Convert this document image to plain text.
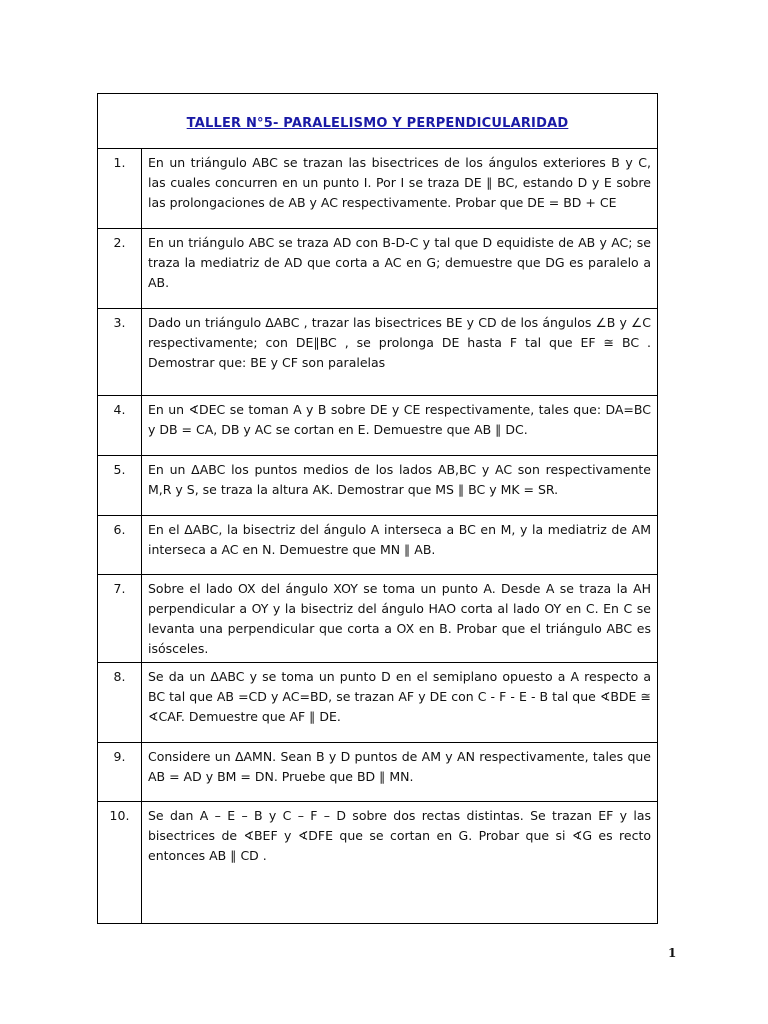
TALLER N°5- PARALELISMO Y PERPENDICULARIDAD
1.	En un triángulo ABC se trazan las bisectrices de los ángulos exteriores B y C, las cuales concurren en un punto I. Por I se traza DE ∥ BC, estando D y E sobre las prolongaciones de AB y AC respectivamente. Probar que DE = BD + CE
2.	En un triángulo ABC se traza AD con B-D-C y tal que D equidiste de AB y AC; se traza la mediatriz de AD que corta a AC en G; demuestre que DG es paralelo a AB.
3.	Dado un triángulo ΔABC , trazar las bisectrices BE y CD de los ángulos ∠B y ∠C respectivamente; con DE∥BC , se prolonga DE hasta F tal que EF ≅ BC . Demostrar que: BE y CF son paralelas
4.	En un ∢DEC se toman A y B sobre DE y CE respectivamente, tales que: DA=BC y DB = CA, DB y AC se cortan en E. Demuestre que AB ∥ DC.
5.	En un ΔABC los puntos medios de los lados AB,BC y AC son respectivamente M,R y S, se traza la altura AK. Demostrar que MS ∥ BC y MK = SR.
6.	En el ΔABC, la bisectriz del ángulo A interseca a BC en M, y la mediatriz de AM interseca a AC en N. Demuestre que MN ∥ AB.
7.	Sobre el lado OX del ángulo XOY se toma un punto A. Desde A se traza la AH perpendicular a OY y la bisectriz del ángulo HAO corta al lado OY en C. En C se levanta una perpendicular que corta a OX en B. Probar que el triángulo ABC es isósceles.
8.	Se da un ΔABC y se toma un punto D en el semiplano opuesto a A respecto a BC tal que AB =CD y AC=BD, se trazan AF y DE con C - F - E - B tal que ∢BDE ≅ ∢CAF. Demuestre que AF ∥ DE.
9.	Considere un ΔAMN. Sean B y D puntos de AM y AN respectivamente, tales que AB = AD y BM = DN. Pruebe que BD ∥ MN.
10.	Se dan A – E – B y C – F – D sobre dos rectas distintas. Se trazan EF y las bisectrices de ∢BEF y ∢DFE que se cortan en G. Probar que si ∢G es recto entonces AB ∥ CD .
1
